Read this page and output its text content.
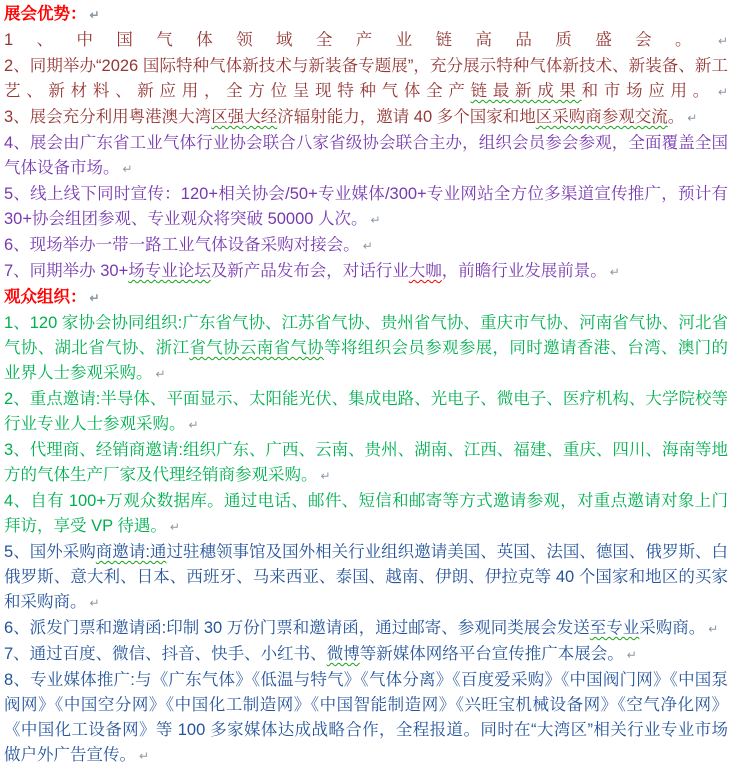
展会优势： ↵
1、中国气体领域全产业链高品质盛会。 ↵
2、同期举办“2026 国际特种气体新技术与新装备专题展”，充分展示特种气体新技术、新装备、新工艺、新材料、新应用，全方位呈现特种气体全产链最新成果和市场应用。 ↵
3、展会充分利用粤港澳大湾区强大经济辐射能力，邀请 40 多个国家和地区采购商参观交流。 ↵
4、展会由广东省工业气体行业协会联合八家省级协会联合主办，组织会员参会参观，全面覆盖全国气体设备市场。 ↵
5、线上线下同时宣传：120+相关协会/50+专业媒体/300+专业网站全方位多渠道宣传推广，预计有30+协会组团参观、专业观众将突破 50000 人次。 ↵
6、现场举办一带一路工业气体设备采购对接会。 ↵
7、同期举办 30+场专业论坛及新产品发布会，对话行业大咖，前瞻行业发展前景。 ↵
观众组织： ↵
1、120 家协会协同组织:广东省气协、江苏省气协、贵州省气协、重庆市气协、河南省气协、河北省气协、湖北省气协、浙江省气协云南省气协等将组织会员参观参展，同时邀请香港、台湾、澳门的业界人士参观采购。 ↵
2、重点邀请:半导体、平面显示、太阳能光伏、集成电路、光电子、微电子、医疗机构、大学院校等行业专业人士参观采购。 ↵
3、代理商、经销商邀请:组织广东、广西、云南、贵州、湖南、江西、福建、重庆、四川、海南等地方的气体生产厂家及代理经销商参观采购。 ↵
4、自有 100+万观众数据库。通过电话、邮件、短信和邮寄等方式邀请参观，对重点邀请对象上门拜访，享受 VP 待遇。 ↵
5、国外采购商邀请:通过驻穗领事馆及国外相关行业组织邀请美国、英国、法国、德国、俄罗斯、白俄罗斯、意大利、日本、西班牙、马来西亚、泰国、越南、伊朗、伊拉克等 40 个国家和地区的买家和采购商。 ↵
6、派发门票和邀请函:印制 30 万份门票和邀请函，通过邮寄、参观同类展会发送至专业采购商。 ↵
7、通过百度、微信、抖音、快手、小红书、微博等新媒体网络平台宣传推广本展会。 ↵
8、专业媒体推广:与《广东气体》《低温与特气》《气体分离》《百度爱采购》《中国阀门网》《中国泵阀网》《中国空分网》《中国化工制造网》《中国智能制造网》《兴旺宝机械设备网》《空气净化网》《中国化工设备网》等 100 多家媒体达成战略合作，全程报道。同时在“大湾区”相关行业专业市场做户外广告宣传。 ↵
